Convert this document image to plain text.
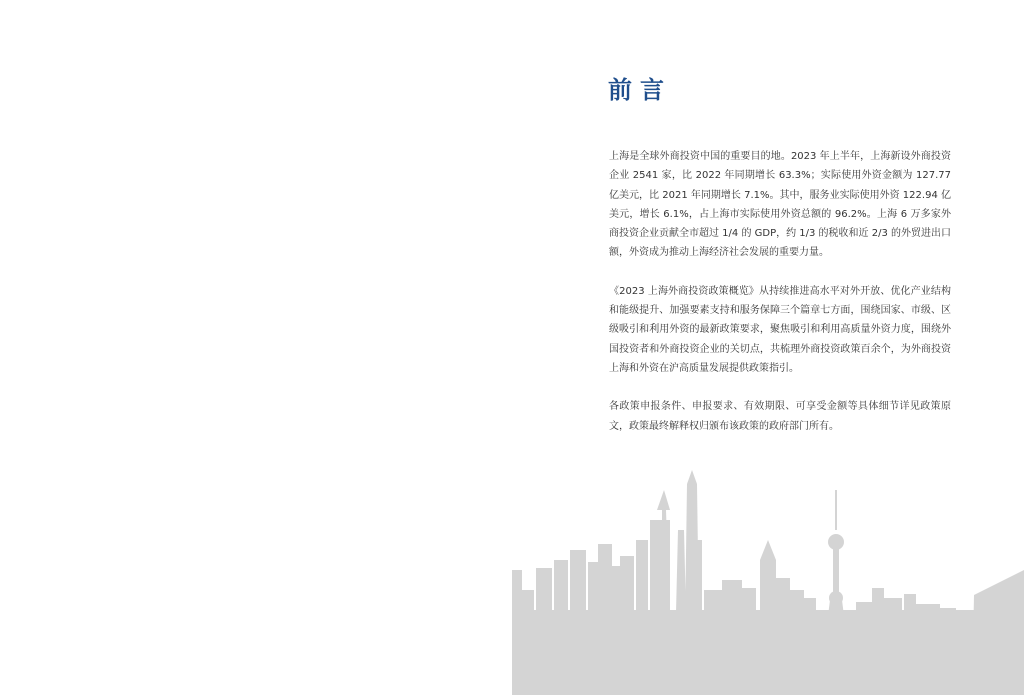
前言

上海是全球外商投资中国的重要目的地。2023 年上半年，上海新设外商投资企业 2541 家，比 2022 年同期增长 63.3%；实际使用外资金额为 127.77 亿美元，比 2021 年同期增长 7.1%。其中，服务业实际使用外资 122.94 亿美元，增长 6.1%，占上海市实际使用外资总额的 96.2%。上海 6 万多家外商投资企业贡献全市超过 1/4 的 GDP，约 1/3 的税收和近 2/3 的外贸进出口额，外资成为推动上海经济社会发展的重要力量。

《2023 上海外商投资政策概览》从持续推进高水平对外开放、优化产业结构和能级提升、加强要素支持和服务保障三个篇章七方面，围绕国家、市级、区级吸引和利用外资的最新政策要求，聚焦吸引和利用高质量外资力度，围绕外国投资者和外商投资企业的关切点，共梳理外商投资政策百余个，为外商投资上海和外资在沪高质量发展提供政策指引。

各政策申报条件、申报要求、有效期限、可享受金额等具体细节详见政策原文，政策最终解释权归颁布该政策的政府部门所有。
